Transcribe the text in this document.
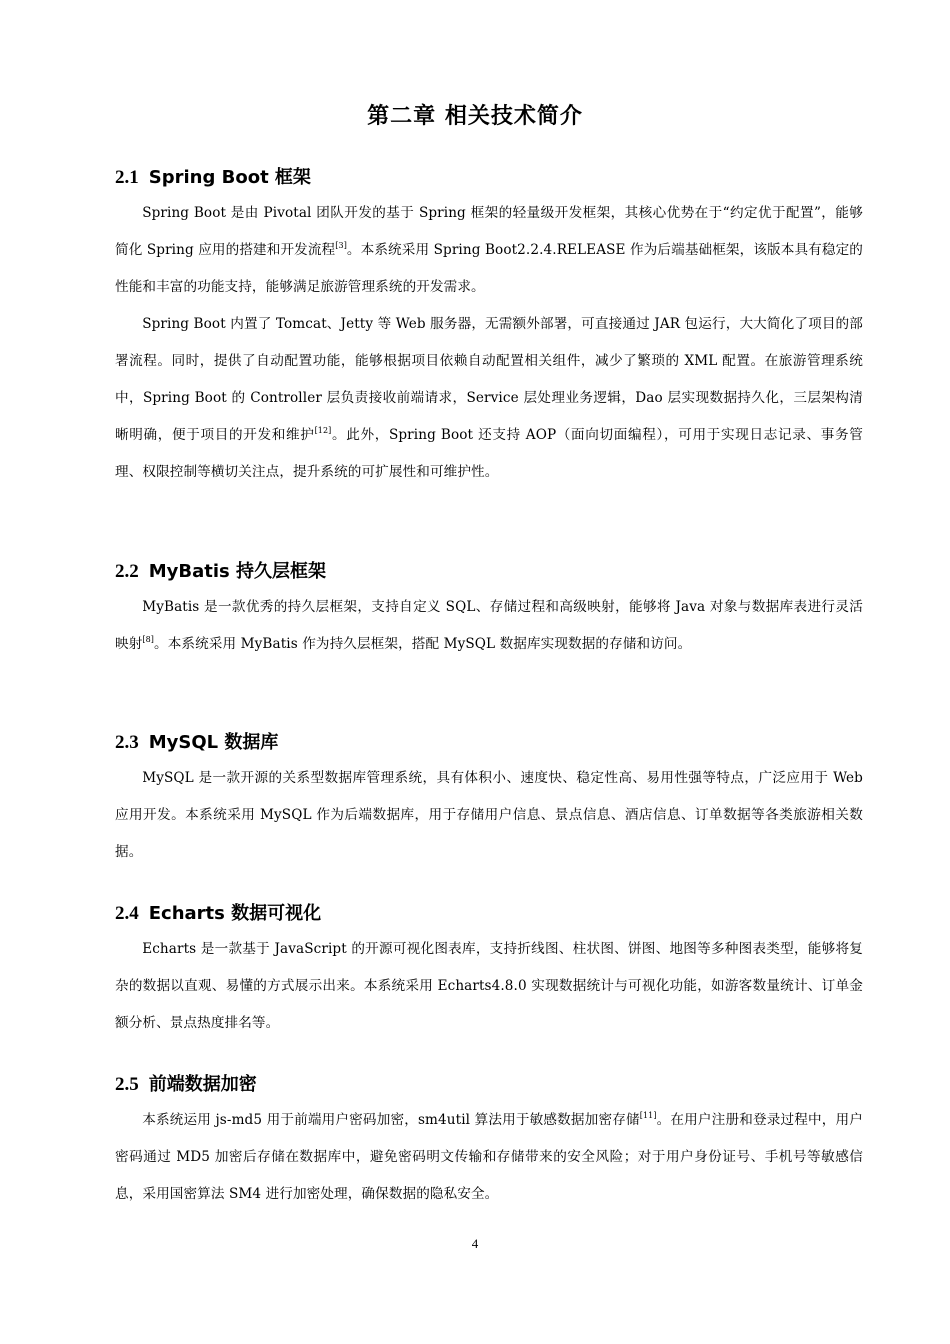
第二章 相关技术简介
2.1 Spring Boot 框架

Spring Boot 是由 Pivotal 团队开发的基于 Spring 框架的轻量级开发框架，其核心优势在于“约定优于配置”，能够简化 Spring 应用的搭建和开发流程[3]。本系统采用 Spring Boot2.2.4.RELEASE 作为后端基础框架，该版本具有稳定的性能和丰富的功能支持，能够满足旅游管理系统的开发需求。

Spring Boot 内置了 Tomcat、Jetty 等 Web 服务器，无需额外部署，可直接通过 JAR 包运行，大大简化了项目的部署流程。同时，提供了自动配置功能，能够根据项目依赖自动配置相关组件，减少了繁琐的 XML 配置。在旅游管理系统中，Spring Boot 的 Controller 层负责接收前端请求，Service 层处理业务逻辑，Dao 层实现数据持久化，三层架构清晰明确，便于项目的开发和维护[12]。此外，Spring Boot 还支持 AOP（面向切面编程），可用于实现日志记录、事务管理、权限控制等横切关注点，提升系统的可扩展性和可维护性。

2.2 MyBatis 持久层框架

MyBatis 是一款优秀的持久层框架，支持自定义 SQL、存储过程和高级映射，能够将 Java 对象与数据库表进行灵活映射[8]。本系统采用 MyBatis 作为持久层框架，搭配 MySQL 数据库实现数据的存储和访问。

2.3 MySQL 数据库

MySQL 是一款开源的关系型数据库管理系统，具有体积小、速度快、稳定性高、易用性强等特点，广泛应用于 Web 应用开发。本系统采用 MySQL 作为后端数据库，用于存储用户信息、景点信息、酒店信息、订单数据等各类旅游相关数据。

2.4 Echarts 数据可视化

Echarts 是一款基于 JavaScript 的开源可视化图表库，支持折线图、柱状图、饼图、地图等多种图表类型，能够将复杂的数据以直观、易懂的方式展示出来。本系统采用 Echarts4.8.0 实现数据统计与可视化功能，如游客数量统计、订单金额分析、景点热度排名等。

2.5 前端数据加密

本系统运用 js-md5 用于前端用户密码加密，sm4util 算法用于敏感数据加密存储[11]。在用户注册和登录过程中，用户密码通过 MD5 加密后存储在数据库中，避免密码明文传输和存储带来的安全风险；对于用户身份证号、手机号等敏感信息，采用国密算法 SM4 进行加密处理，确保数据的隐私安全。

4
